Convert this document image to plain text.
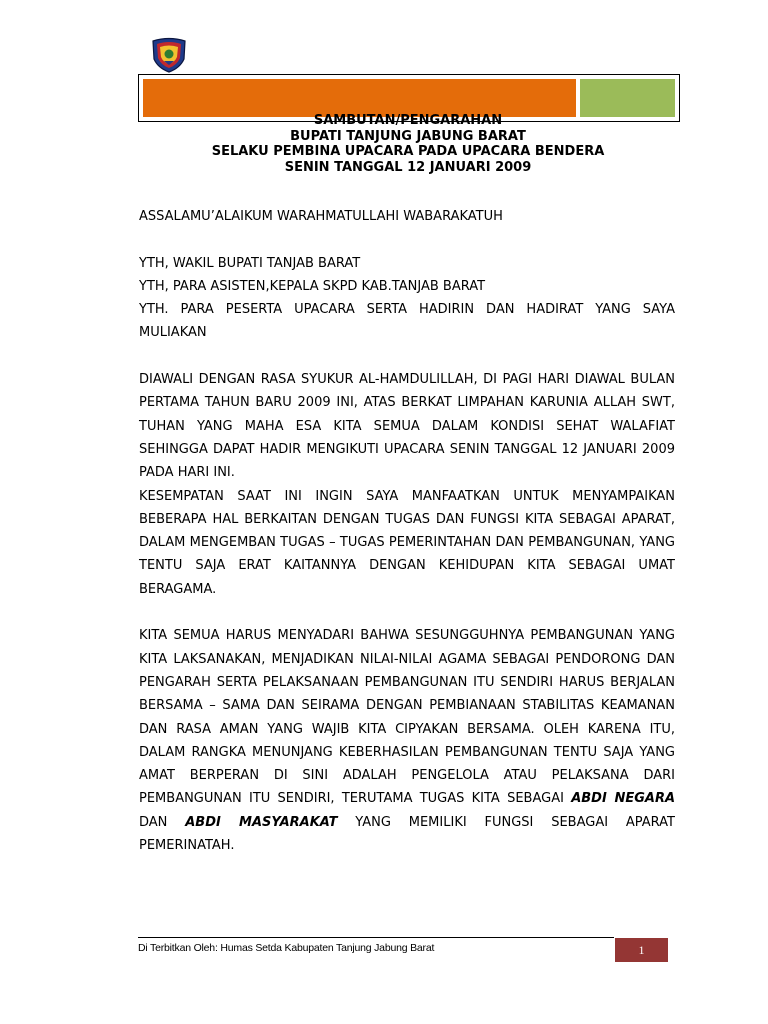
SAMBUTAN/PENGARAHAN
BUPATI TANJUNG JABUNG BARAT
SELAKU PEMBINA UPACARA PADA UPACARA BENDERA
SENIN TANGGAL 12 JANUARI 2009

ASSALAMU’ALAIKUM WARAHMATULLAHI WABARAKATUH

YTH, WAKIL BUPATI TANJAB BARAT

YTH, PARA ASISTEN,KEPALA SKPD KAB.TANJAB BARAT

YTH. PARA PESERTA UPACARA SERTA HADIRIN DAN HADIRAT YANG SAYA MULIAKAN

DIAWALI DENGAN RASA SYUKUR AL-HAMDULILLAH, DI PAGI HARI DIAWAL BULAN PERTAMA TAHUN BARU 2009 INI, ATAS BERKAT LIMPAHAN KARUNIA ALLAH SWT, TUHAN YANG MAHA ESA KITA SEMUA DALAM KONDISI SEHAT WALAFIAT SEHINGGA DAPAT HADIR MENGIKUTI UPACARA SENIN TANGGAL 12 JANUARI 2009 PADA HARI INI.

KESEMPATAN SAAT INI INGIN SAYA MANFAATKAN UNTUK MENYAMPAIKAN BEBERAPA HAL BERKAITAN DENGAN TUGAS DAN FUNGSI KITA SEBAGAI APARAT, DALAM MENGEMBAN TUGAS – TUGAS PEMERINTAHAN DAN PEMBANGUNAN, YANG TENTU SAJA ERAT KAITANNYA DENGAN KEHIDUPAN KITA SEBAGAI UMAT BERAGAMA.

KITA SEMUA HARUS MENYADARI BAHWA SESUNGGUHNYA PEMBANGUNAN YANG KITA LAKSANAKAN, MENJADIKAN NILAI-NILAI AGAMA SEBAGAI PENDORONG DAN PENGARAH SERTA PELAKSANAAN PEMBANGUNAN ITU SENDIRI HARUS BERJALAN BERSAMA – SAMA DAN SEIRAMA DENGAN PEMBIANAAN STABILITAS KEAMANAN DAN RASA AMAN YANG WAJIB KITA CIPYAKAN BERSAMA. OLEH KARENA ITU, DALAM RANGKA MENUNJANG KEBERHASILAN PEMBANGUNAN TENTU SAJA YANG AMAT BERPERAN DI SINI ADALAH PENGELOLA ATAU PELAKSANA DARI PEMBANGUNAN ITU SENDIRI, TERUTAMA TUGAS KITA SEBAGAI ABDI NEGARA DAN ABDI MASYARAKAT YANG MEMILIKI FUNGSI SEBAGAI APARAT PEMERINATAH.

Di Terbitkan Oleh: Humas Setda Kabupaten Tanjung Jabung Barat	1
